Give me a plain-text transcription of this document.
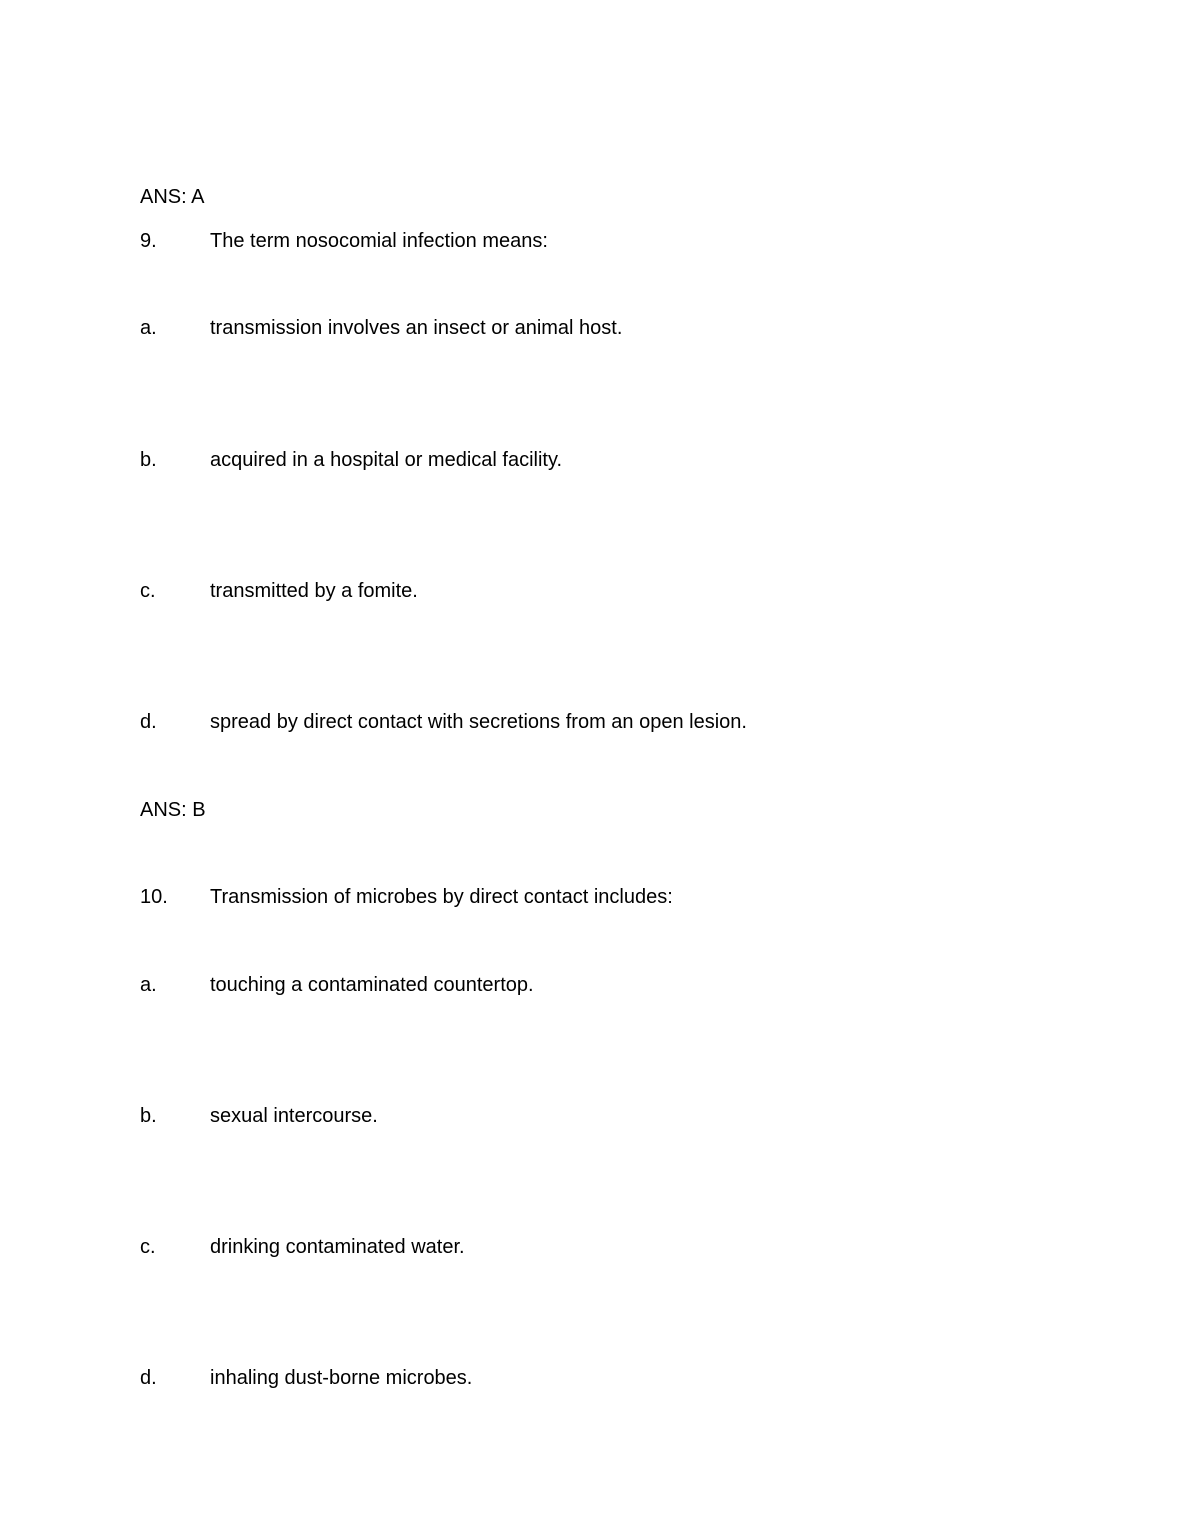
ANS: A
9.	The term nosocomial infection means:
a.	transmission involves an insect or animal host.
b.	acquired in a hospital or medical facility.
c.	transmitted by a fomite.
d.	spread by direct contact with secretions from an open lesion.
ANS: B
10. Transmission of microbes by direct contact includes:
a.	touching a contaminated countertop.
b.	sexual intercourse.
c.	drinking contaminated water.
d.	inhaling dust-borne microbes.
